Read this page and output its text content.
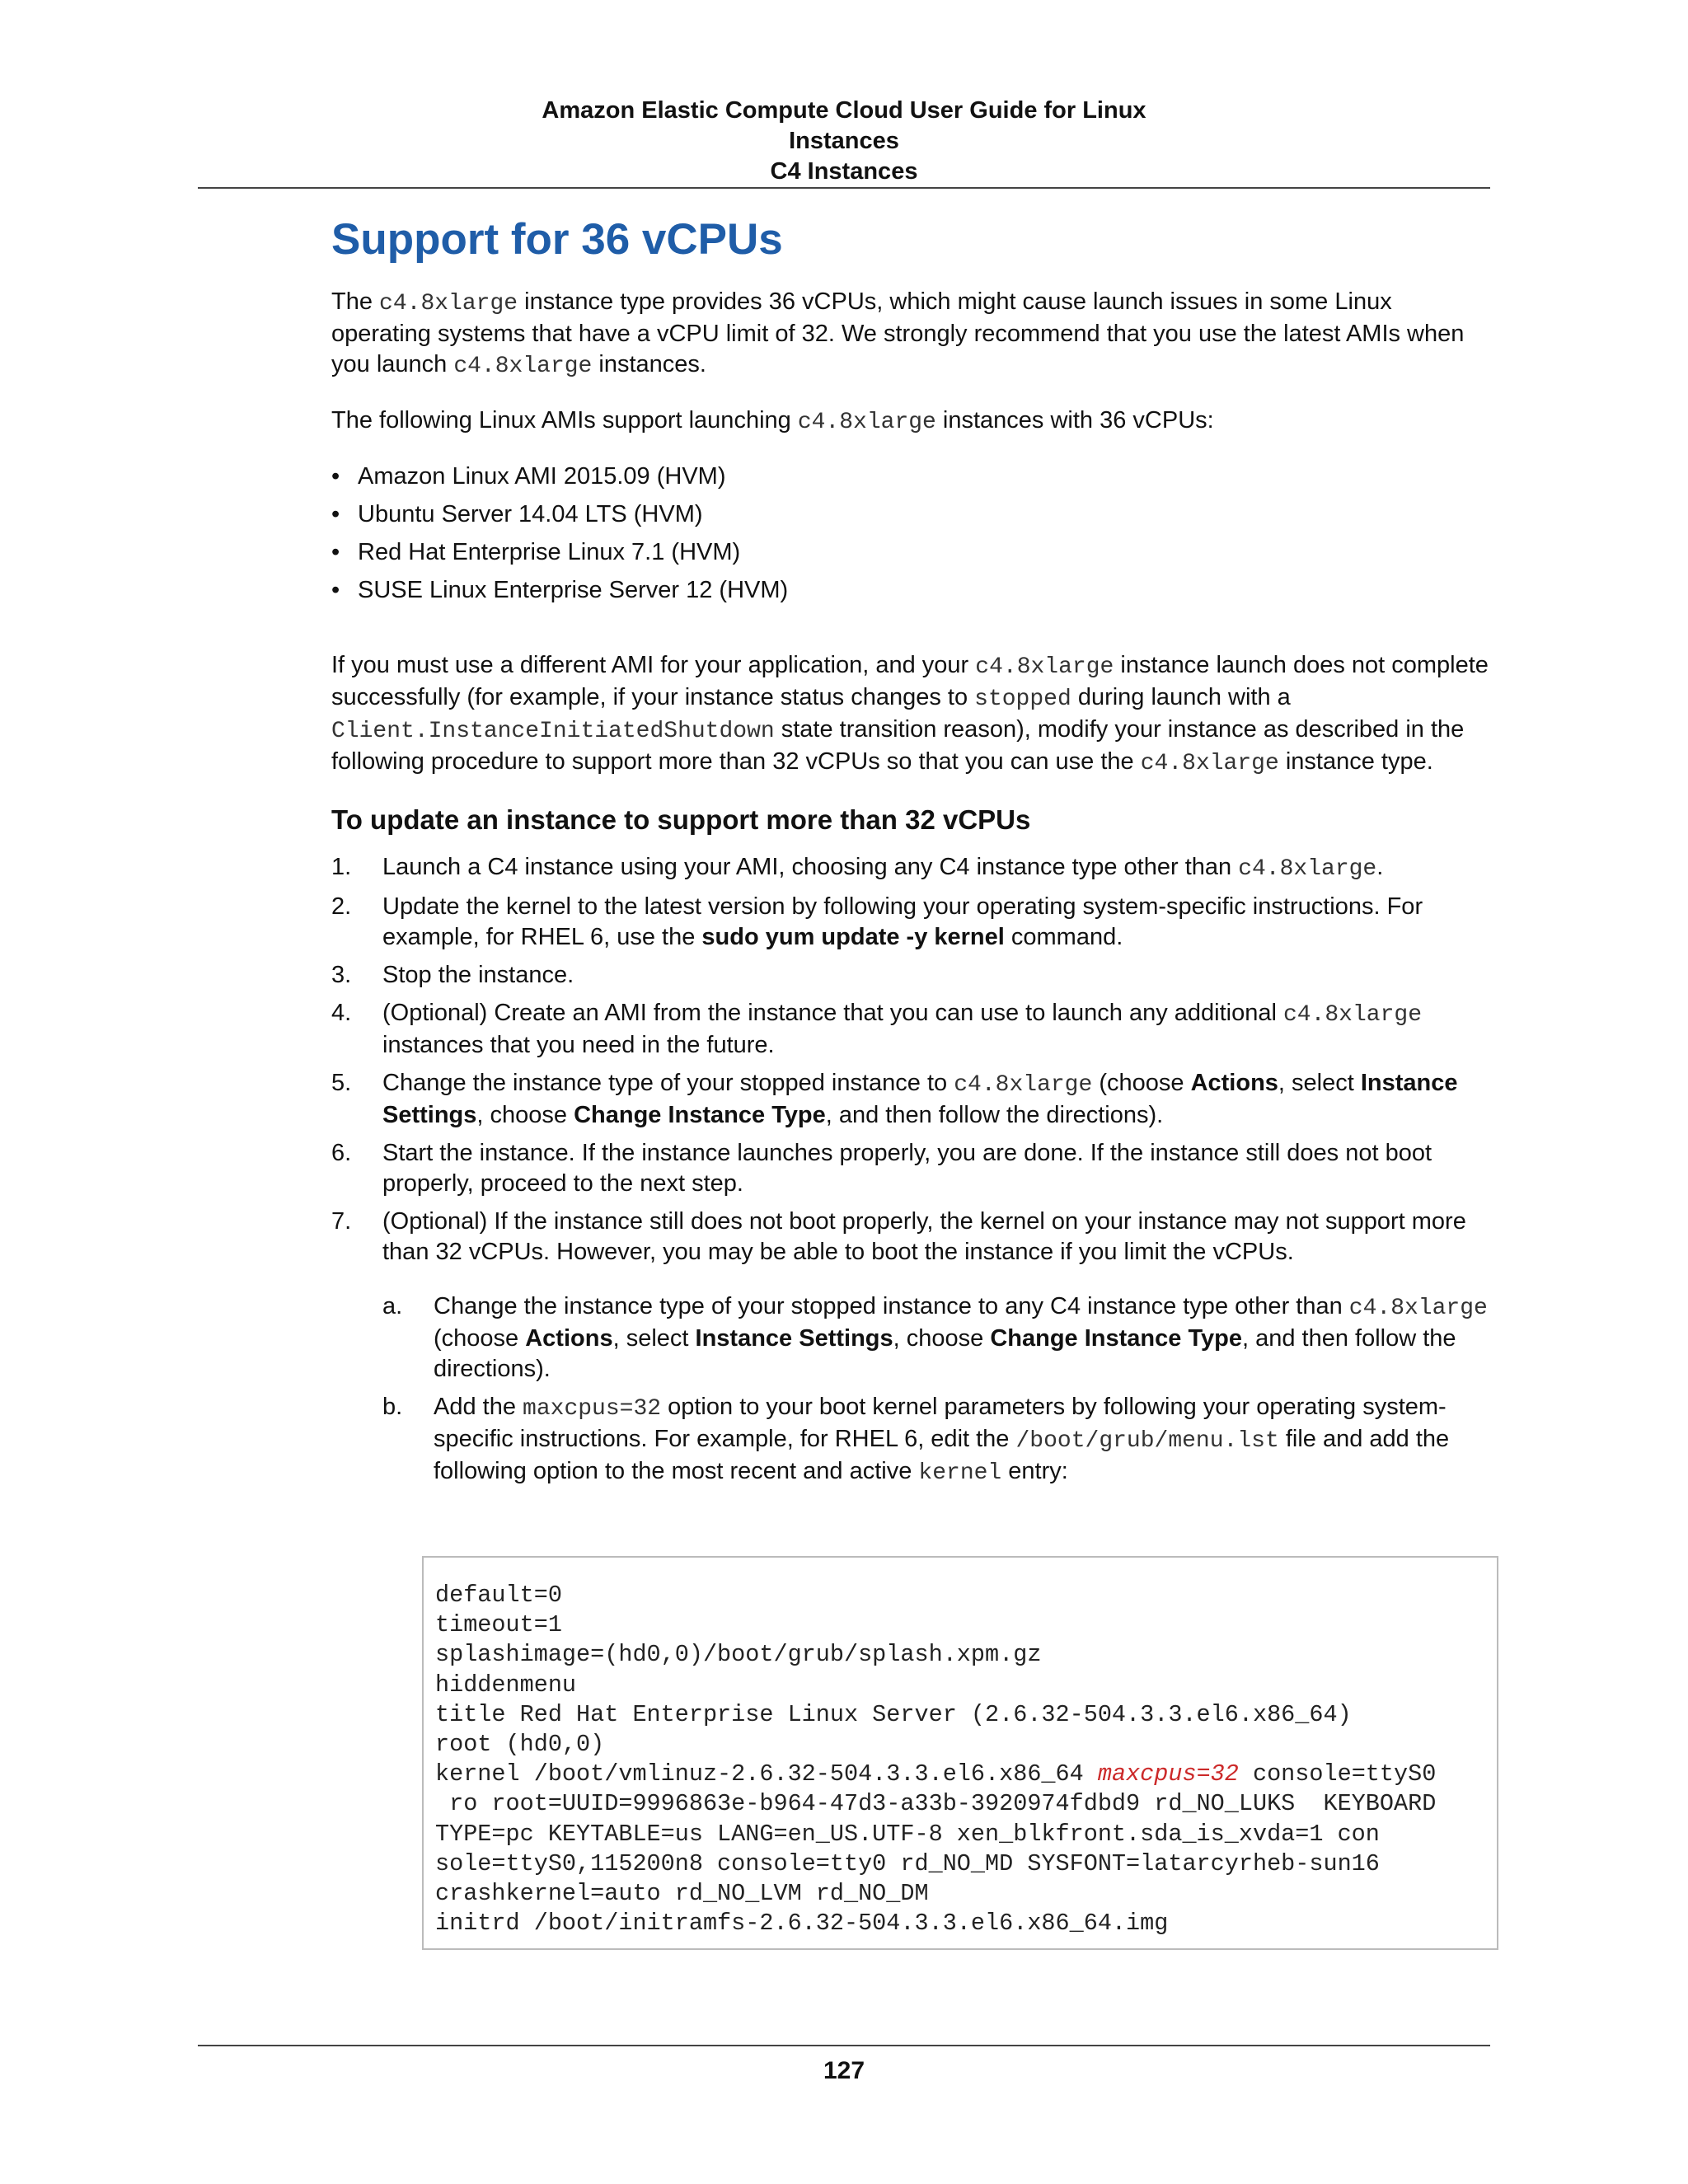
Amazon Elastic Compute Cloud User Guide for Linux
Instances
C4 Instances
Support for 36 vCPUs

The c4.8xlarge instance type provides 36 vCPUs, which might cause launch issues in some Linux operating systems that have a vCPU limit of 32. We strongly recommend that you use the latest AMIs when you launch c4.8xlarge instances.

The following Linux AMIs support launching c4.8xlarge instances with 36 vCPUs:

• Amazon Linux AMI 2015.09 (HVM)
• Ubuntu Server 14.04 LTS (HVM)
• Red Hat Enterprise Linux 7.1 (HVM)
• SUSE Linux Enterprise Server 12 (HVM)

If you must use a different AMI for your application, and your c4.8xlarge instance launch does not complete successfully (for example, if your instance status changes to stopped during launch with a Client.InstanceInitiatedShutdown state transition reason), modify your instance as described in the following procedure to support more than 32 vCPUs so that you can use the c4.8xlarge instance type.

To update an instance to support more than 32 vCPUs
1. Launch a C4 instance using your AMI, choosing any C4 instance type other than c4.8xlarge.
2. Update the kernel to the latest version by following your operating system-specific instructions. For example, for RHEL 6, use the sudo yum update -y kernel command.
3. Stop the instance.
4. (Optional) Create an AMI from the instance that you can use to launch any additional c4.8xlarge instances that you need in the future.
5. Change the instance type of your stopped instance to c4.8xlarge (choose Actions, select Instance Settings, choose Change Instance Type, and then follow the directions).
6. Start the instance. If the instance launches properly, you are done. If the instance still does not boot properly, proceed to the next step.
7. (Optional) If the instance still does not boot properly, the kernel on your instance may not support more than 32 vCPUs. However, you may be able to boot the instance if you limit the vCPUs.
a. Change the instance type of your stopped instance to any C4 instance type other than c4.8xlarge (choose Actions, select Instance Settings, choose Change Instance Type, and then follow the directions).
b. Add the maxcpus=32 option to your boot kernel parameters by following your operating system-specific instructions. For example, for RHEL 6, edit the /boot/grub/menu.lst file and add the following option to the most recent and active kernel entry:
default=0
timeout=1
splashimage=(hd0,0)/boot/grub/splash.xpm.gz
hiddenmenu
title Red Hat Enterprise Linux Server (2.6.32-504.3.3.el6.x86_64)
root (hd0,0)
kernel /boot/vmlinuz-2.6.32-504.3.3.el6.x86_64 maxcpus=32 console=ttyS0
ro root=UUID=9996863e-b964-47d3-a33b-3920974fdbd9 rd_NO_LUKS  KEYBOARD
TYPE=pc KEYTABLE=us LANG=en_US.UTF-8 xen_blkfront.sda_is_xvda=1 con
sole=ttyS0,115200n8 console=tty0 rd_NO_MD SYSFONT=latarcyrheb-sun16
crashkernel=auto rd_NO_LVM rd_NO_DM
initrd /boot/initramfs-2.6.32-504.3.3.el6.x86_64.img
127
